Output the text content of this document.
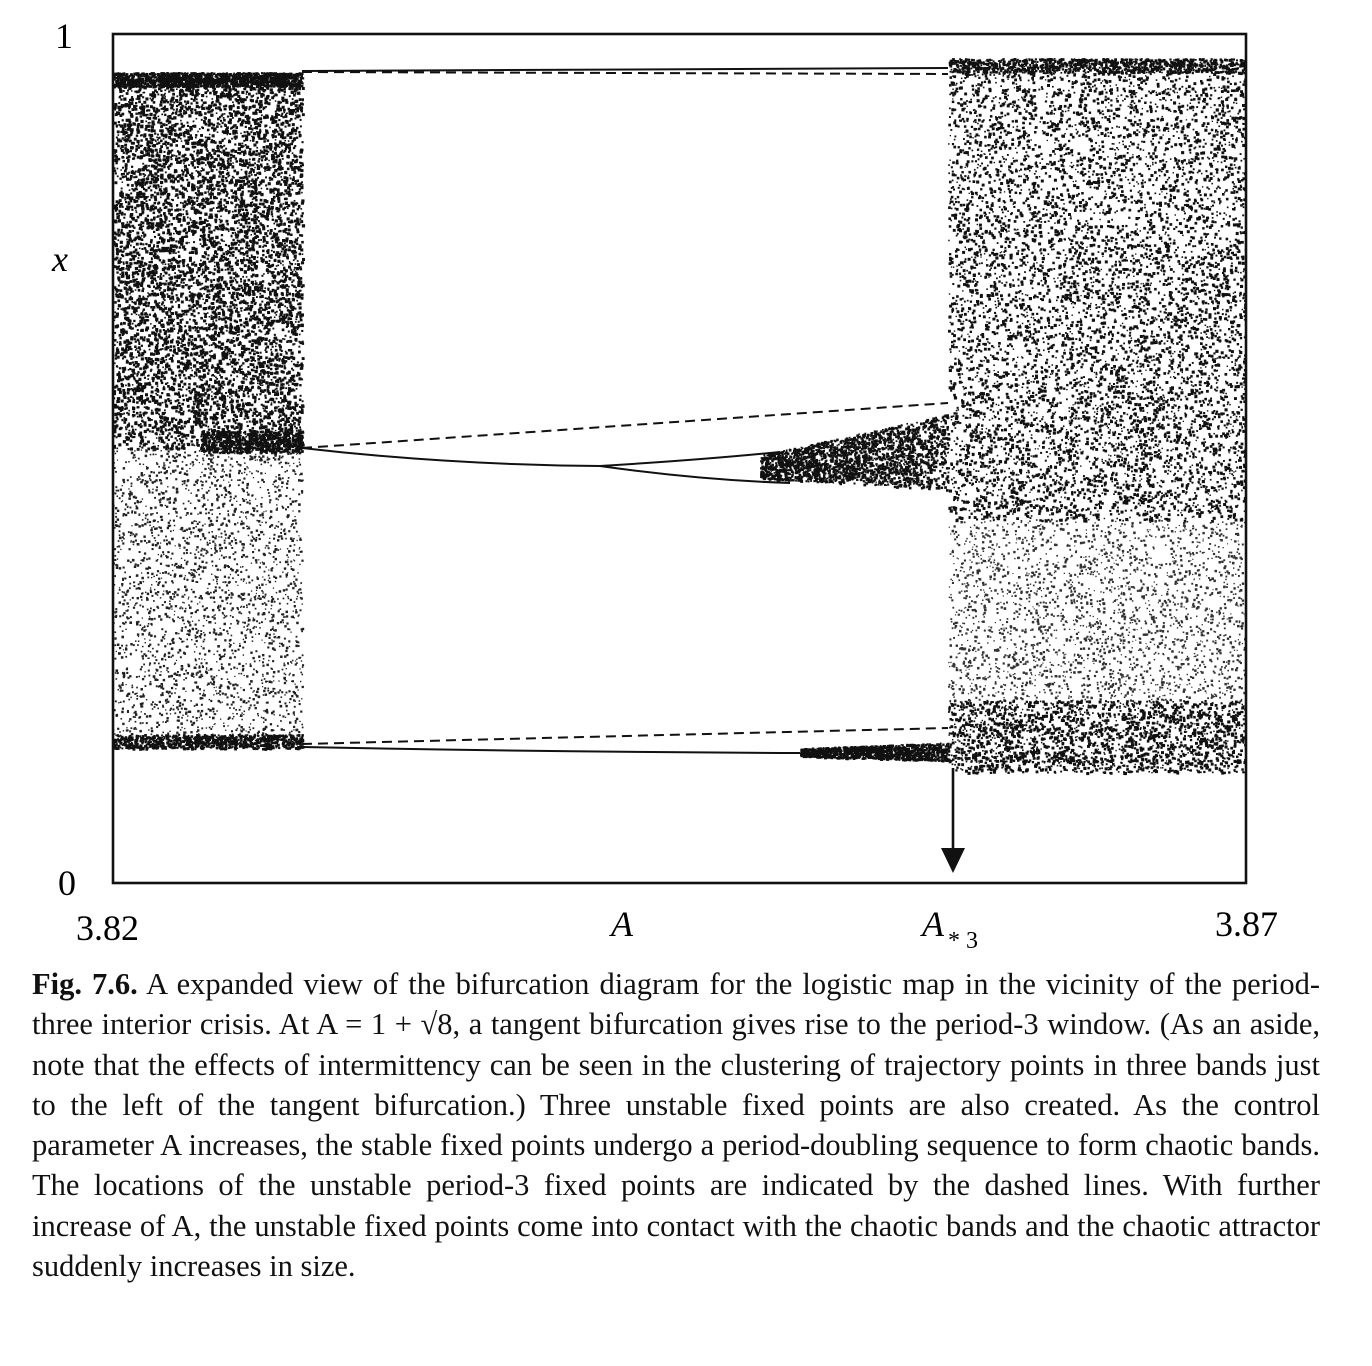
1
x
0
3.82	A	A * 3	3.87
Fig. 7.6. A expanded view of the bifurcation diagram for the logistic map in the vicinity of the period-three interior crisis. At A = 1 + √8, a tangent bifurcation gives rise to the period-3 window. (As an aside, note that the effects of intermittency can be seen in the clustering of trajectory points in three bands just to the left of the tangent bifurcation.) Three unstable fixed points are also created. As the control parameter A increases, the stable fixed points undergo a period-doubling sequence to form chaotic bands. The locations of the unstable period-3 fixed points are indicated by the dashed lines. With further increase of A, the unstable fixed points come into contact with the chaotic bands and the chaotic attractor suddenly increases in size.
